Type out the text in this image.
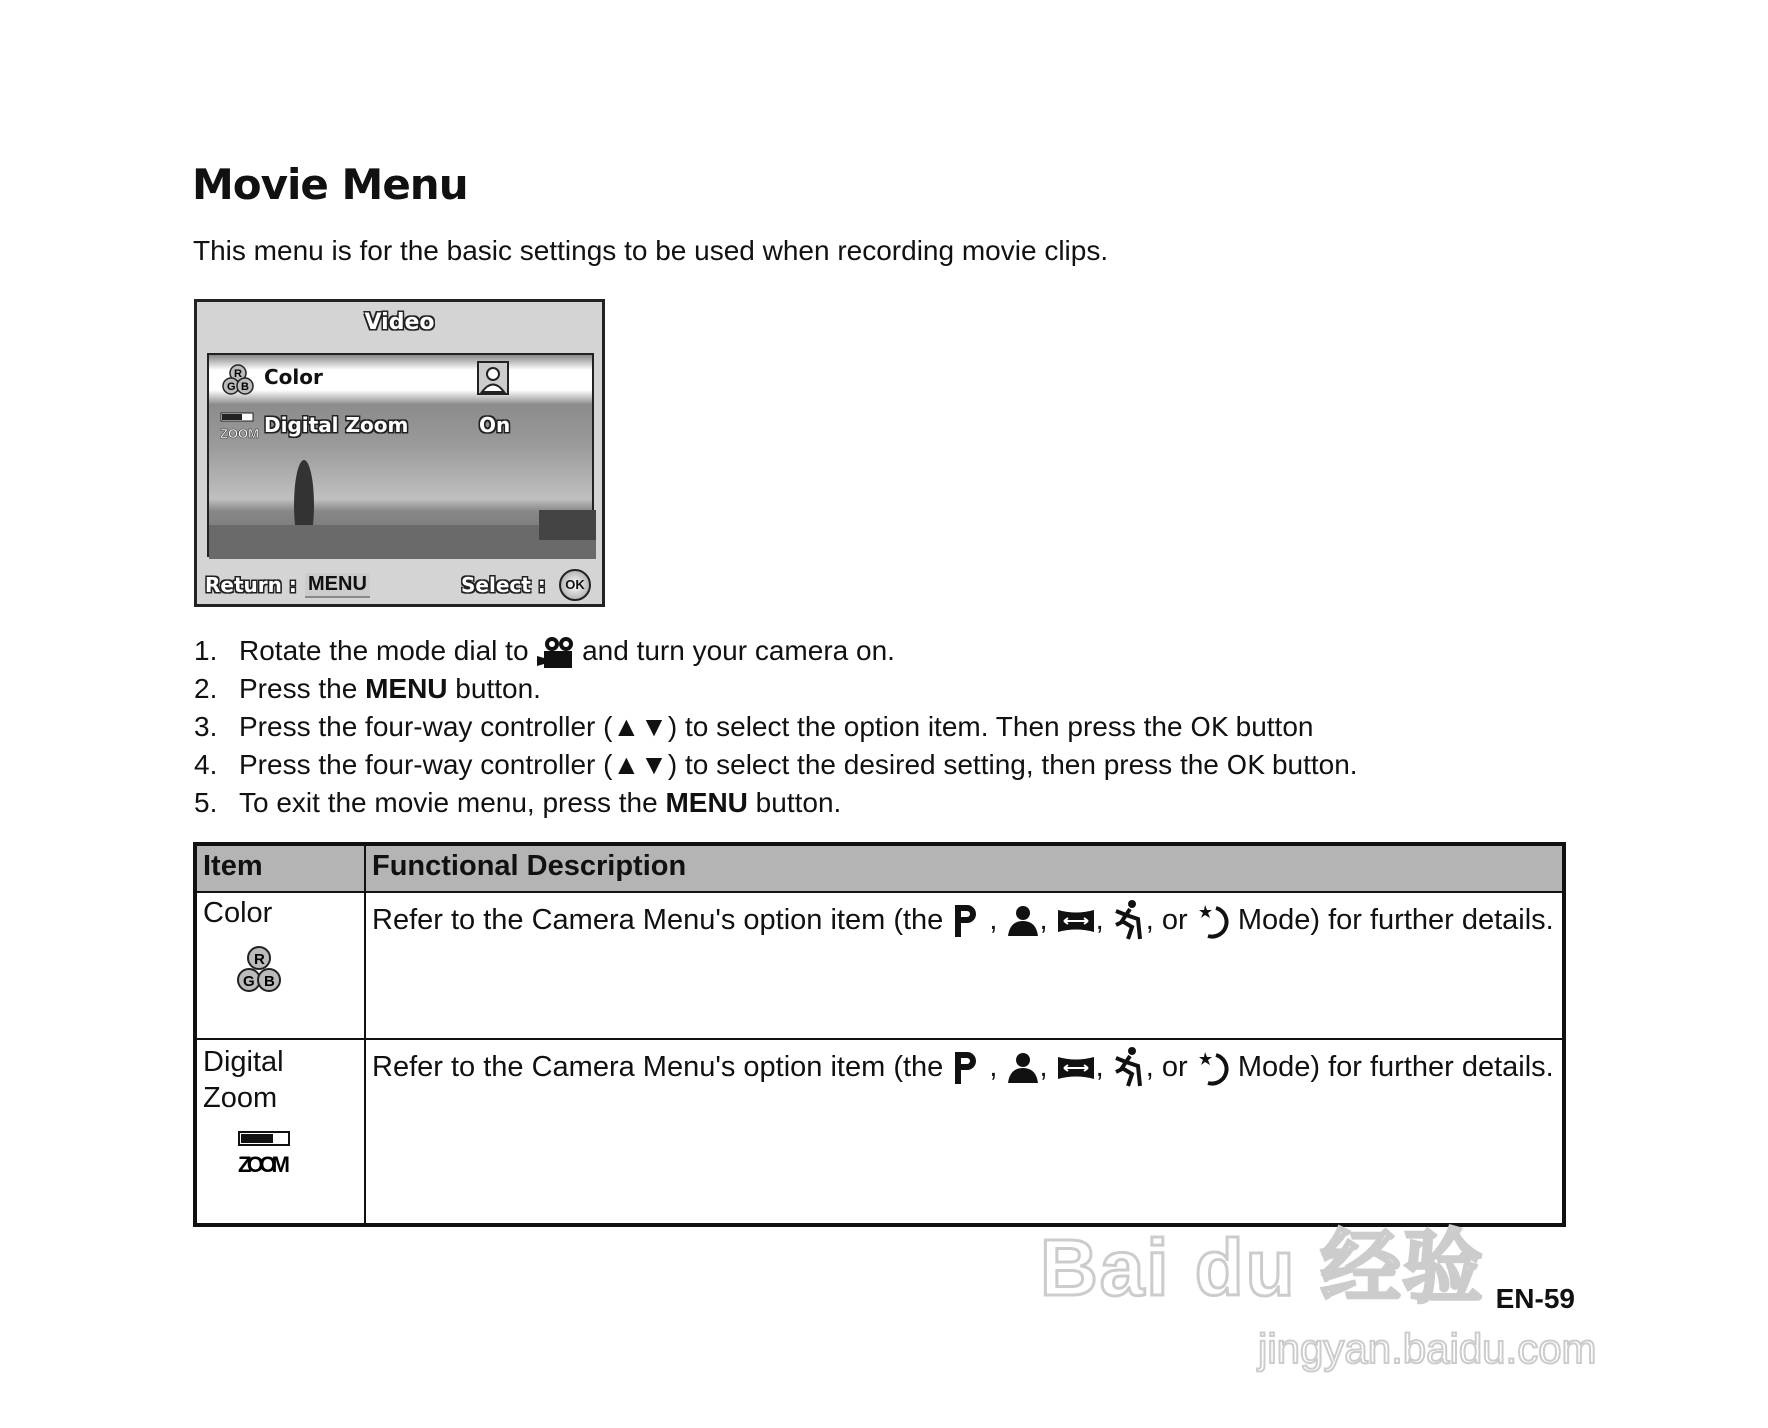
Movie Menu
This menu is for the basic settings to be used when recording movie clips.
Video
R
G B Color
ZOOM Digital Zoom	On
Return : MENU	Select :	OK
1. Rotate the mode dial to and turn your camera on.
2. Press the MENU button.
3. Press the four-way controller (▲▼) to select the option item. Then press the OK button
4. Press the four-way controller (▲▼) to select the desired setting, then press the OK button.
5. To exit the movie menu, press the MENU button.
Item	Functional Description

Color
R
G B	Refer to the Camera Menu's option item (the  , , , , or Mode) for further details.

Digital Zoom
ZOOM	Refer to the Camera Menu's option item (the  , , , , or Mode) for further details.
EN-59
Bai du 经验
jingyan.baidu.com
